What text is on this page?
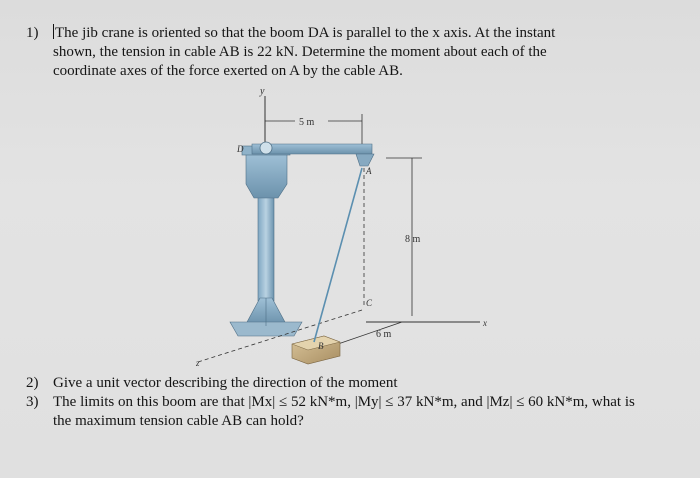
1) The jib crane is oriented so that the boom DA is parallel to the x axis. At the instant
shown, the tension in cable AB is 22 kN. Determine the moment about each of the
coordinate axes of the force exerted on A by the cable AB.
y
5 m
D
A
8 m
x
z
6 m
C
B
2) Give a unit vector describing the direction of the moment
3) The limits on this boom are that |Mx| ≤ 52 kN*m, |My| ≤ 37 kN*m, and |Mz| ≤ 60 kN*m, what is
the maximum tension cable AB can hold?
